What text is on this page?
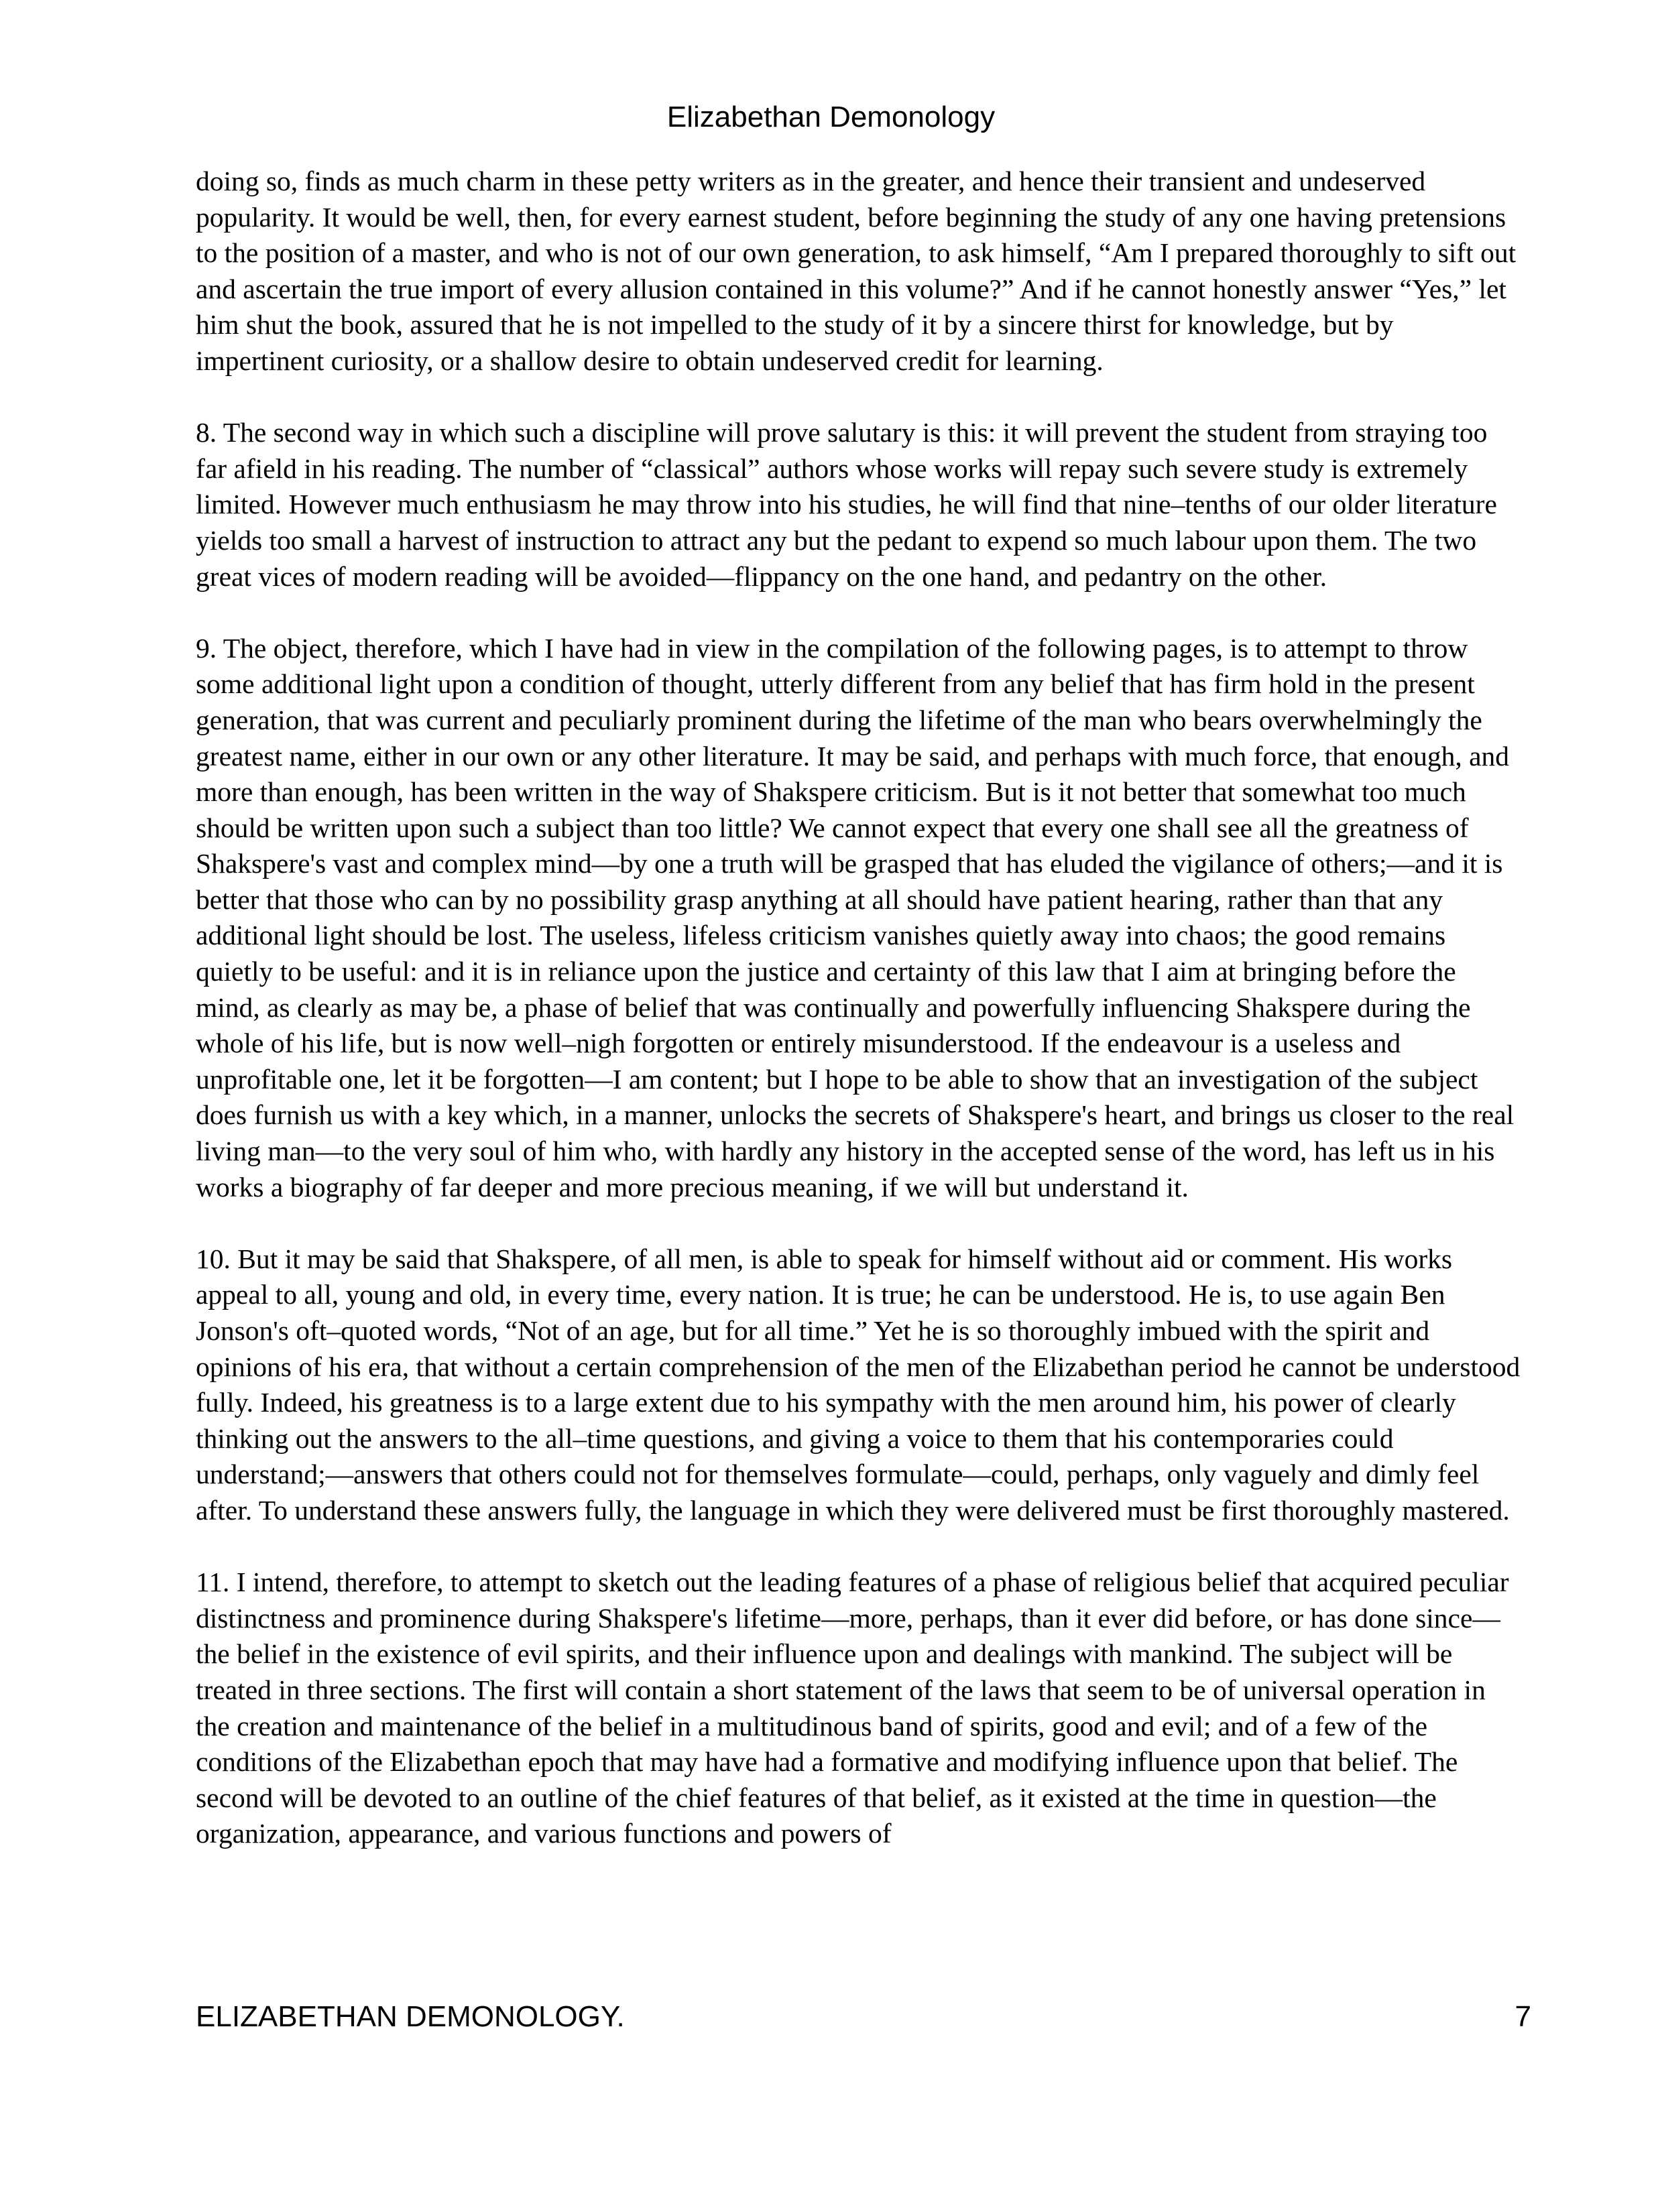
Elizabethan Demonology

doing so, finds as much charm in these petty writers as in the greater, and hence their transient and undeserved popularity. It would be well, then, for every earnest student, before beginning the study of any one having pretensions to the position of a master, and who is not of our own generation, to ask himself, “Am I prepared thoroughly to sift out and ascertain the true import of every allusion contained in this volume?” And if he cannot honestly answer “Yes,” let him shut the book, assured that he is not impelled to the study of it by a sincere thirst for knowledge, but by impertinent curiosity, or a shallow desire to obtain undeserved credit for learning.

8. The second way in which such a discipline will prove salutary is this: it will prevent the student from straying too far afield in his reading. The number of “classical” authors whose works will repay such severe study is extremely limited. However much enthusiasm he may throw into his studies, he will find that nine–tenths of our older literature yields too small a harvest of instruction to attract any but the pedant to expend so much labour upon them. The two great vices of modern reading will be avoided—flippancy on the one hand, and pedantry on the other.

9. The object, therefore, which I have had in view in the compilation of the following pages, is to attempt to throw some additional light upon a condition of thought, utterly different from any belief that has firm hold in the present generation, that was current and peculiarly prominent during the lifetime of the man who bears overwhelmingly the greatest name, either in our own or any other literature. It may be said, and perhaps with much force, that enough, and more than enough, has been written in the way of Shakspere criticism. But is it not better that somewhat too much should be written upon such a subject than too little? We cannot expect that every one shall see all the greatness of Shakspere's vast and complex mind—by one a truth will be grasped that has eluded the vigilance of others;—and it is better that those who can by no possibility grasp anything at all should have patient hearing, rather than that any additional light should be lost. The useless, lifeless criticism vanishes quietly away into chaos; the good remains quietly to be useful: and it is in reliance upon the justice and certainty of this law that I aim at bringing before the mind, as clearly as may be, a phase of belief that was continually and powerfully influencing Shakspere during the whole of his life, but is now well–nigh forgotten or entirely misunderstood. If the endeavour is a useless and unprofitable one, let it be forgotten—I am content; but I hope to be able to show that an investigation of the subject does furnish us with a key which, in a manner, unlocks the secrets of Shakspere's heart, and brings us closer to the real living man—to the very soul of him who, with hardly any history in the accepted sense of the word, has left us in his works a biography of far deeper and more precious meaning, if we will but understand it.

10. But it may be said that Shakspere, of all men, is able to speak for himself without aid or comment. His works appeal to all, young and old, in every time, every nation. It is true; he can be understood. He is, to use again Ben Jonson's oft–quoted words, “Not of an age, but for all time.” Yet he is so thoroughly imbued with the spirit and opinions of his era, that without a certain comprehension of the men of the Elizabethan period he cannot be understood fully. Indeed, his greatness is to a large extent due to his sympathy with the men around him, his power of clearly thinking out the answers to the all–time questions, and giving a voice to them that his contemporaries could understand;—answers that others could not for themselves formulate—could, perhaps, only vaguely and dimly feel after. To understand these answers fully, the language in which they were delivered must be first thoroughly mastered.

11. I intend, therefore, to attempt to sketch out the leading features of a phase of religious belief that acquired peculiar distinctness and prominence during Shakspere's lifetime—more, perhaps, than it ever did before, or has done since—the belief in the existence of evil spirits, and their influence upon and dealings with mankind. The subject will be treated in three sections. The first will contain a short statement of the laws that seem to be of universal operation in the creation and maintenance of the belief in a multitudinous band of spirits, good and evil; and of a few of the conditions of the Elizabethan epoch that may have had a formative and modifying influence upon that belief. The second will be devoted to an outline of the chief features of that belief, as it existed at the time in question—the organization, appearance, and various functions and powers of

ELIZABETHAN DEMONOLOGY.	7
